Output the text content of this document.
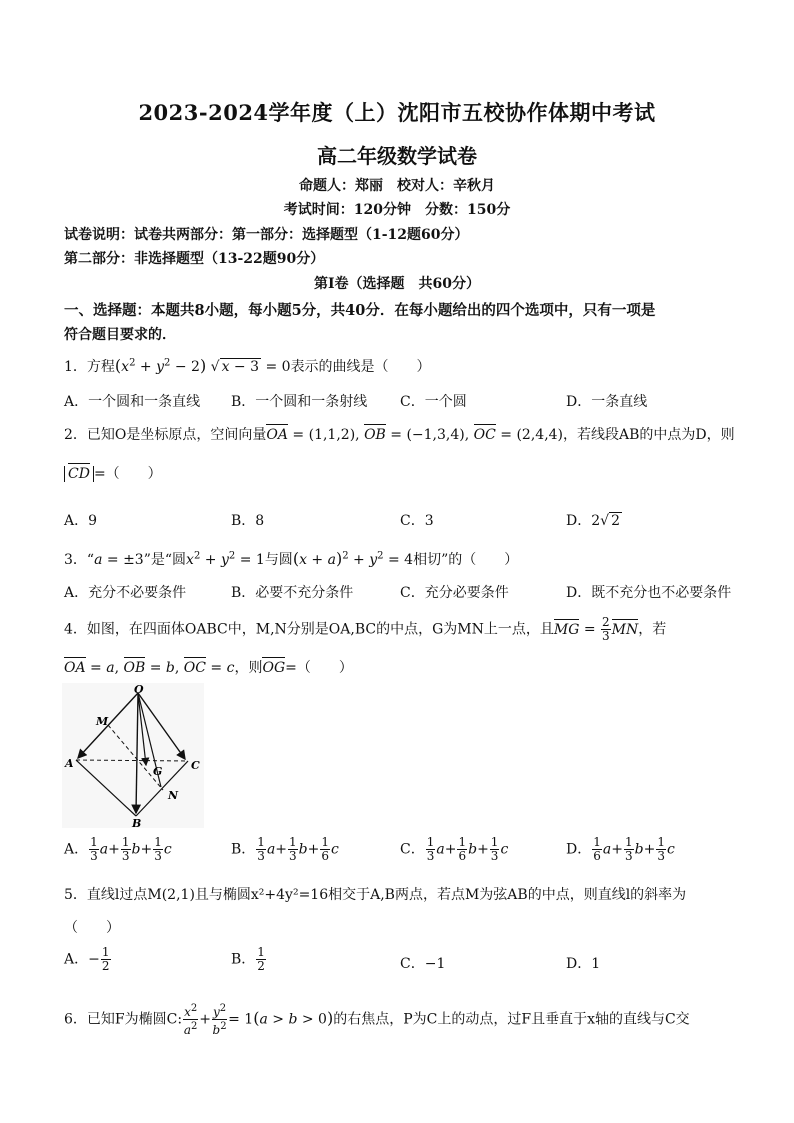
2023-2024学年度（上）沈阳市五校协作体期中考试
高二年级数学试卷
命题人：郑丽　校对人：辛秋月
考试时间：120分钟　分数：150分
试卷说明：试卷共两部分：第一部分：选择题型（1-12题60分）
第二部分：非选择题型（13-22题90分）
第Ⅰ卷（选择题　共60分）
一、选择题：本题共8小题，每小题5分，共40分．在每小题给出的四个选项中，只有一项是
符合题目要求的．
1．方程$(x^2 + y^2 - 2)$ √ x − 3 = 0表示的曲线是（　　）
A．一个圆和一条直线 B．一个圆和一条射线 C．一个圆	D．一条直线
2．已知O是坐标原点，空间向量OA = (1,1,2), OB = (−1,3,4), OC = (2,4,4)，若线段AB的中点为D，则
CD =（　　）
A．9	B．8	C．3	D．2√ 2
3．“a = ±3”是“圆$x^2 + y^2 = 1$与圆$(x + a)^2 + y^2 = 4$相切”的（　　）
A．充分不必要条件	B．必要不充分条件	C．充分必要条件	D．既不充分也不必要条件
4．如图，在四面体OABC中，M,N分别是OA,BC的中点，G为MN上一点，且MG = $\frac{2}{3}$ MN，若
OA = a, OB = b, OC = c，则OG=（　　）
O
M
A
G	C
N
B
A． $\frac{1}{3} a+ \frac{1}{3} b+ \frac{1}{3}$ c	B． $\frac{1}{3} a+ \frac{1}{3} b+ \frac{1}{6}$ c	C． $\frac{1}{3} a+ \frac{1}{6} b+ \frac{1}{3}$ c	D． $\frac{1}{6} a+ \frac{1}{3} b+ \frac{1}{3}$ c
5．直线l过点M(2,1)且与椭圆x²+4y²=16相交于A,B两点，若点M为弦AB的中点，则直线l的斜率为
（　　）
A．− $\frac{1}{2}$	B． $\frac{1}{2}$	C．−1	D．1
6．已知F为椭圆C: $\frac{x^2}{a^2} + \frac{y^2}{b^2} = 1(a > b > 0)$的右焦点，P为C上的动点，过F且垂直于x轴的直线与C交
